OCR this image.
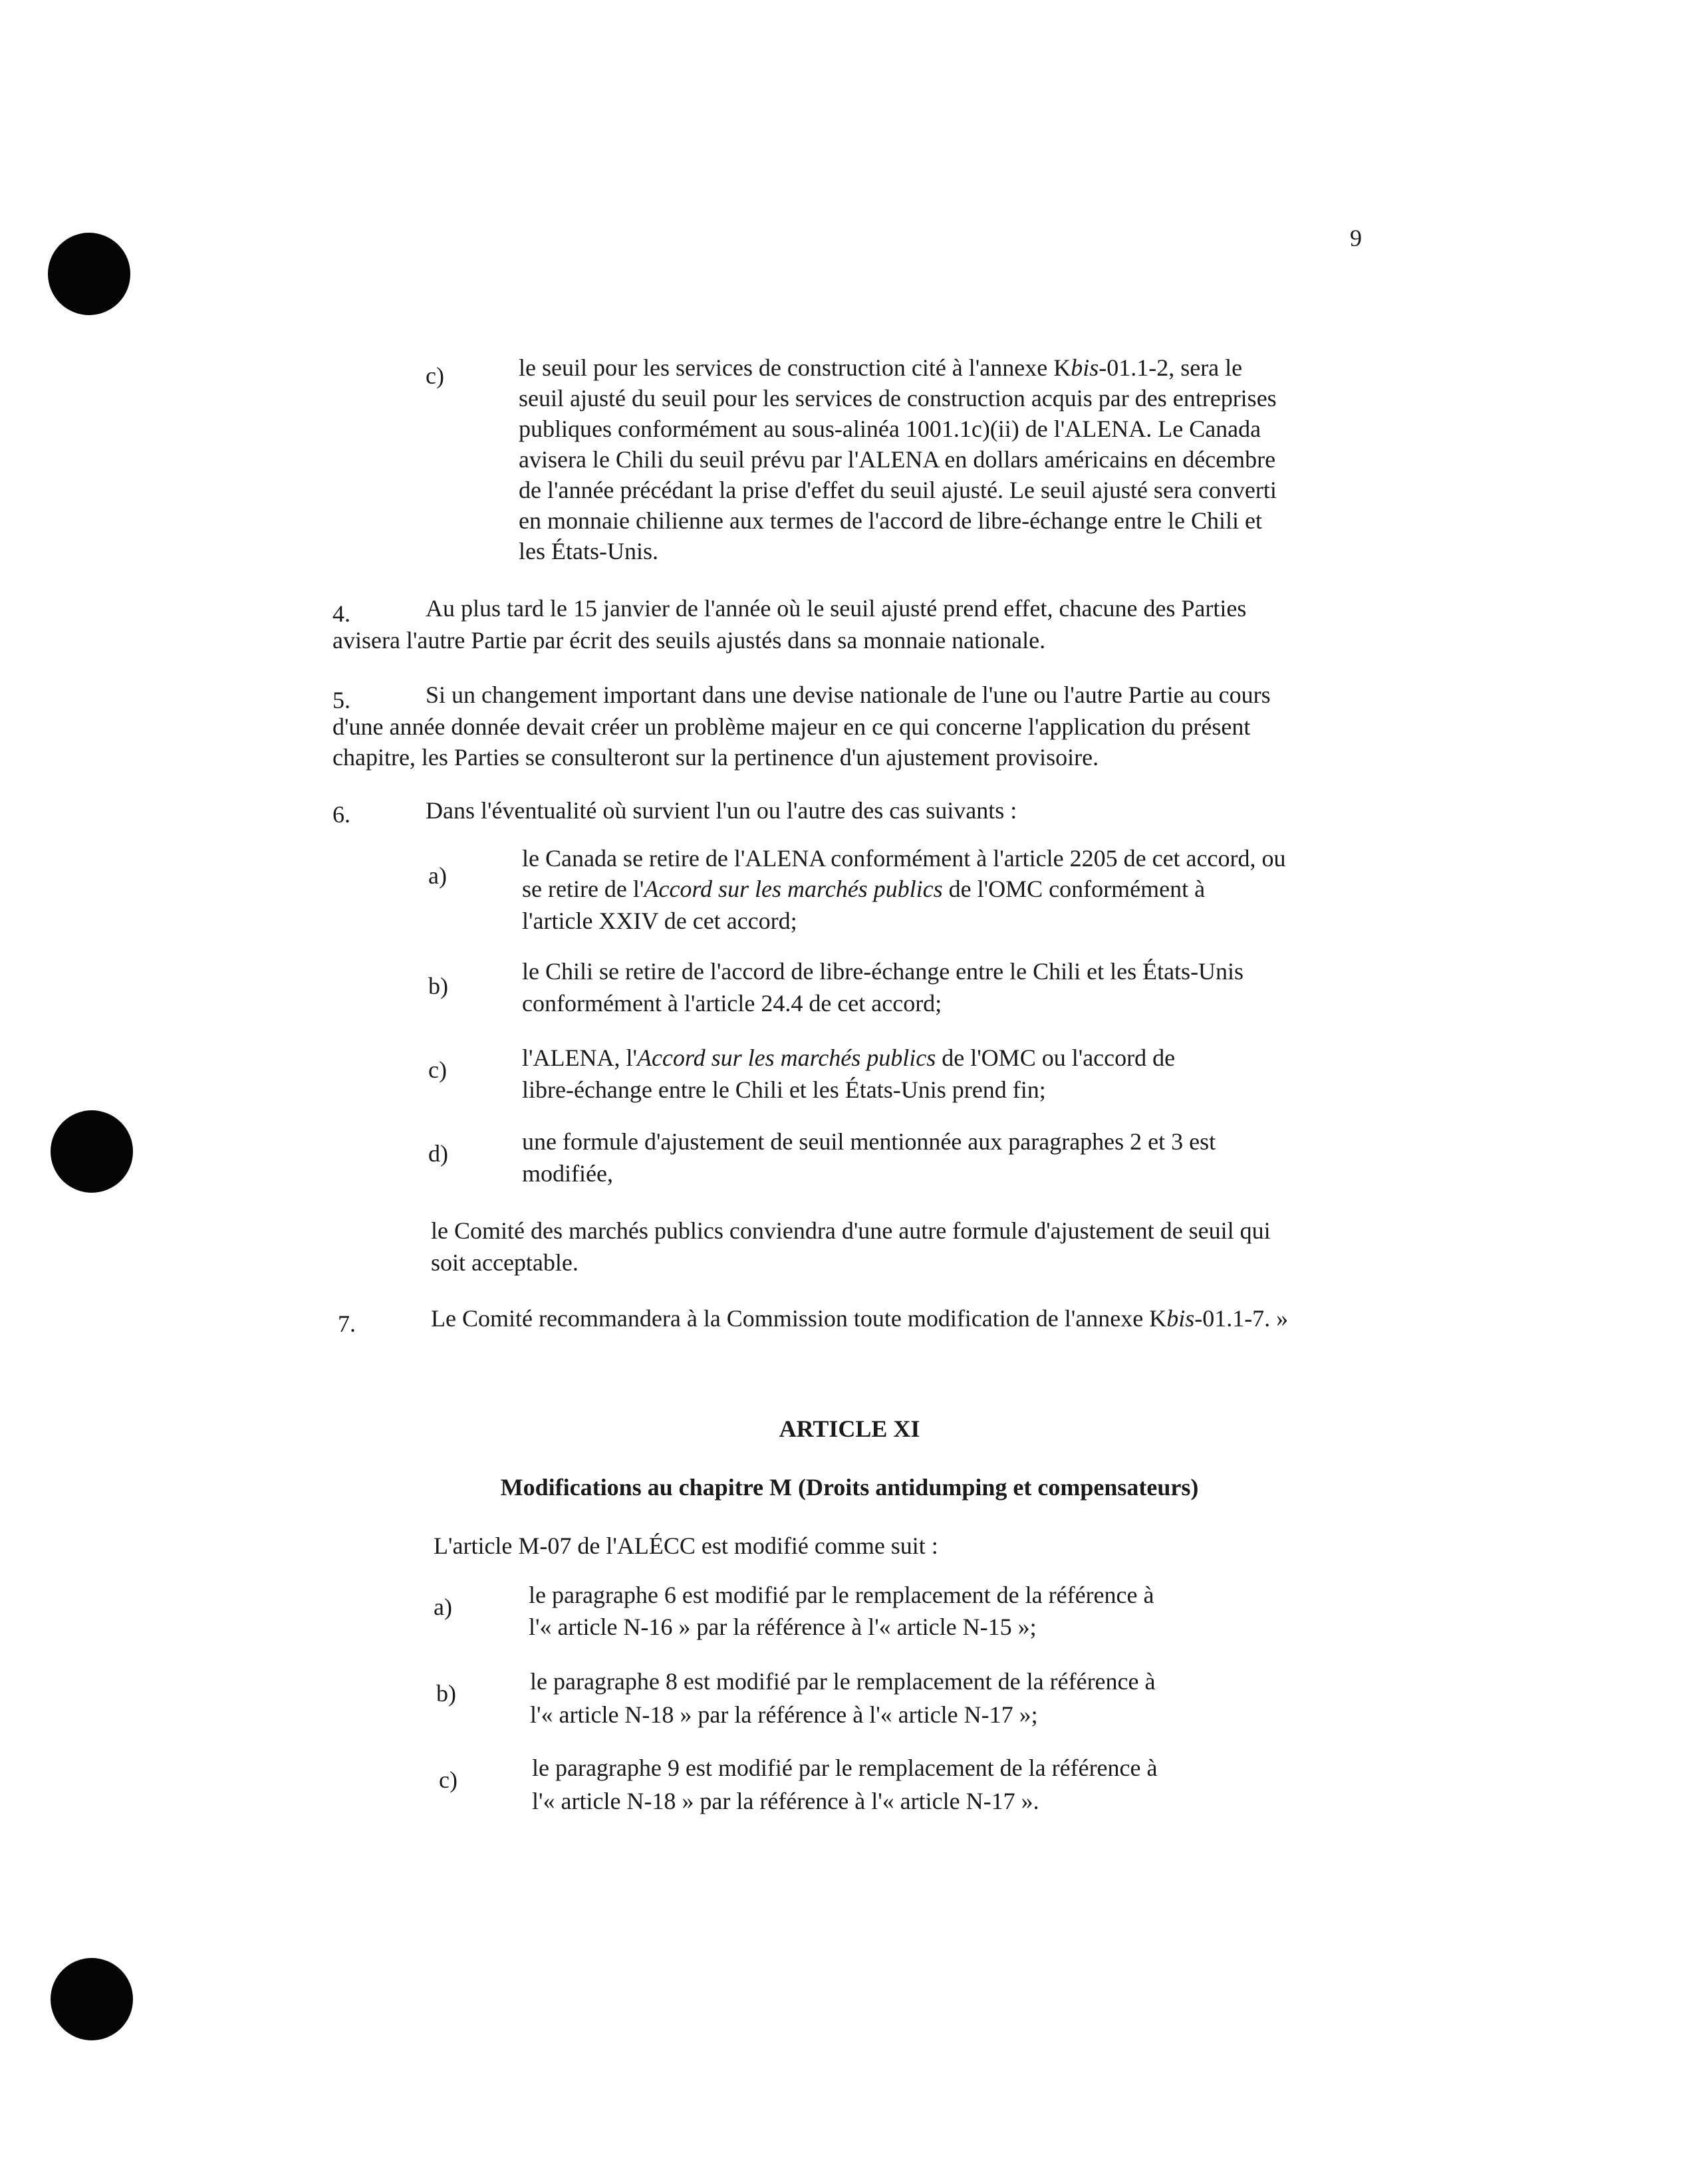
9
c)	le seuil pour les services de construction cité à l'annexe Kbis-01.1-2, sera le
seuil ajusté du seuil pour les services de construction acquis par des entreprises
publiques conformément au sous-alinéa 1001.1c)(ii) de l'ALENA. Le Canada
avisera le Chili du seuil prévu par l'ALENA en dollars américains en décembre
de l'année précédant la prise d'effet du seuil ajusté. Le seuil ajusté sera converti
en monnaie chilienne aux termes de l'accord de libre-échange entre le Chili et
les États-Unis.
4.	Au plus tard le 15 janvier de l'année où le seuil ajusté prend effet, chacune des Parties
avisera l'autre Partie par écrit des seuils ajustés dans sa monnaie nationale.
5.	Si un changement important dans une devise nationale de l'une ou l'autre Partie au cours
d'une année donnée devait créer un problème majeur en ce qui concerne l'application du présent
chapitre, les Parties se consulteront sur la pertinence d'un ajustement provisoire.
6.	Dans l'éventualité où survient l'un ou l'autre des cas suivants :
a)
le Canada se retire de l'ALENA conformément à l'article 2205 de cet accord, ou
se retire de l'Accord sur les marchés publics de l'OMC conformément à
l'article XXIV de cet accord;
b)
le Chili se retire de l'accord de libre-échange entre le Chili et les États-Unis
conformément à l'article 24.4 de cet accord;
c)	l'ALENA, l'Accord sur les marchés publics de l'OMC ou l'accord de
libre-échange entre le Chili et les États-Unis prend fin;
d)	une formule d'ajustement de seuil mentionnée aux paragraphes 2 et 3 est
modifiée,
le Comité des marchés publics conviendra d'une autre formule d'ajustement de seuil qui
soit acceptable.
7.	Le Comité recommandera à la Commission toute modification de l'annexe Kbis-01.1-7. »
ARTICLE XI
Modifications au chapitre M (Droits antidumping et compensateurs)
L'article M-07 de l'ALÉCC est modifié comme suit :
a)	le paragraphe 6 est modifié par le remplacement de la référence à
l'« article N-16 » par la référence à l'« article N-15 »;
b)	le paragraphe 8 est modifié par le remplacement de la référence à
l'« article N-18 » par la référence à l'« article N-17 »;
c)	le paragraphe 9 est modifié par le remplacement de la référence à
l'« article N-18 » par la référence à l'« article N-17 ».
